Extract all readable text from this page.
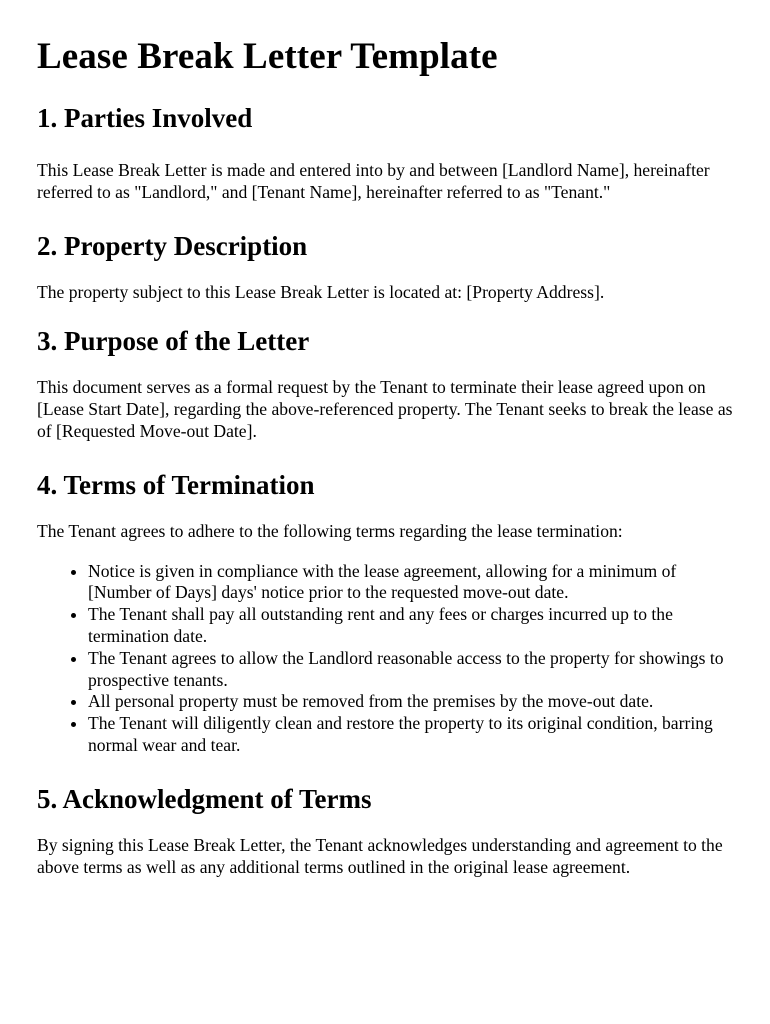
Lease Break Letter Template
1. Parties Involved

This Lease Break Letter is made and entered into by and between [Landlord Name], hereinafter referred to as "Landlord," and [Tenant Name], hereinafter referred to as "Tenant."

2. Property Description

The property subject to this Lease Break Letter is located at: [Property Address].

3. Purpose of the Letter

This document serves as a formal request by the Tenant to terminate their lease agreed upon on [Lease Start Date], regarding the above-referenced property. The Tenant seeks to break the lease as of [Requested Move-out Date].

4. Terms of Termination

The Tenant agrees to adhere to the following terms regarding the lease termination:

• Notice is given in compliance with the lease agreement, allowing for a minimum of [Number of Days] days' notice prior to the requested move-out date.
• The Tenant shall pay all outstanding rent and any fees or charges incurred up to the termination date.
• The Tenant agrees to allow the Landlord reasonable access to the property for showings to prospective tenants.
• All personal property must be removed from the premises by the move-out date.
• The Tenant will diligently clean and restore the property to its original condition, barring normal wear and tear.
5. Acknowledgment of Terms

By signing this Lease Break Letter, the Tenant acknowledges understanding and agreement to the above terms as well as any additional terms outlined in the original lease agreement.
